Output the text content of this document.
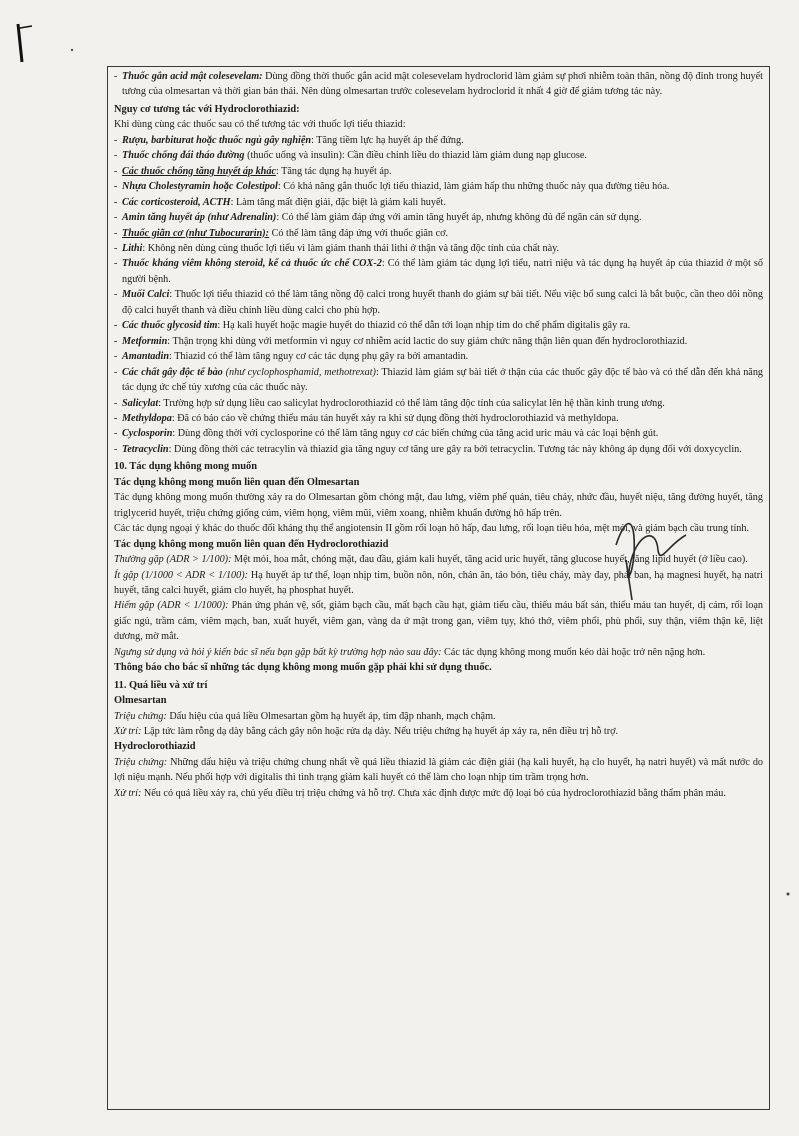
- Thuốc gắn acid mật colesevelam: Dùng đồng thời thuốc gắn acid mật colesevelam hydroclorid làm giảm sự phơi nhiễm toàn thân, nồng độ đỉnh trong huyết tương của olmesartan và thời gian bán thải. Nên dùng olmesartan trước colesevelam hydroclorid ít nhất 4 giờ để giảm tương tác này.

Nguy cơ tương tác với Hydroclorothiazid:

Khi dùng cùng các thuốc sau có thể tương tác với thuốc lợi tiểu thiazid:

- Rượu, barbiturat hoặc thuốc ngủ gây nghiện: Tăng tiềm lực hạ huyết áp thế đứng.
- Thuốc chống đái tháo đường (thuốc uống và insulin): Cần điều chỉnh liều do thiazid làm giảm dung nạp glucose.
- Các thuốc chống tăng huyết áp khác: Tăng tác dụng hạ huyết áp.
- Nhựa Cholestyramin hoặc Colestipol: Có khả năng gắn thuốc lợi tiểu thiazid, làm giảm hấp thu những thuốc này qua đường tiêu hóa.
- Các corticosteroid, ACTH: Làm tăng mất điện giải, đặc biệt là giảm kali huyết.
- Amin tăng huyết áp (như Adrenalin): Có thể làm giảm đáp ứng với amin tăng huyết áp, nhưng không đủ để ngăn cản sử dụng.
- Thuốc giãn cơ (như Tubocurarin): Có thể làm tăng đáp ứng với thuốc giãn cơ.
- Lithi: Không nên dùng cùng thuốc lợi tiểu vì làm giảm thanh thải lithi ở thận và tăng độc tính của chất này.
- Thuốc kháng viêm không steroid, kể cả thuốc ức chế COX-2: Có thể làm giảm tác dụng lợi tiểu, natri niệu và tác dụng hạ huyết áp của thiazid ở một số người bệnh.
- Muối Calci: Thuốc lợi tiểu thiazid có thể làm tăng nồng độ calci trong huyết thanh do giảm sự bài tiết. Nếu việc bổ sung calci là bắt buộc, cần theo dõi nồng độ calci huyết thanh và điều chỉnh liều dùng calci cho phù hợp.
- Các thuốc glycosid tim: Hạ kali huyết hoặc magie huyết do thiazid có thể dẫn tới loạn nhịp tim do chế phẩm digitalis gây ra.
- Metformin: Thận trọng khi dùng với metformin vì nguy cơ nhiễm acid lactic do suy giảm chức năng thận liên quan đến hydroclorothiazid.
- Amantadin: Thiazid có thể làm tăng nguy cơ các tác dụng phụ gây ra bởi amantadin.
- Các chất gây độc tế bào (như cyclophosphamid, methotrexat): Thiazid làm giảm sự bài tiết ở thận của các thuốc gây độc tế bào và có thể dẫn đến khả năng tác dụng ức chế tủy xương của các thuốc này.
- Salicylat: Trường hợp sử dụng liều cao salicylat hydroclorothiazid có thể làm tăng độc tính của salicylat lên hệ thần kinh trung ương.
- Methyldopa: Đã có báo cáo về chứng thiếu máu tán huyết xảy ra khi sử dụng đồng thời hydroclorothiazid và methyldopa.
- Cyclosporin: Dùng đồng thời với cyclosporine có thể làm tăng nguy cơ các biến chứng của tăng acid uric máu và các loại bệnh gút.
- Tetracyclin: Dùng đồng thời các tetracylin và thiazid gia tăng nguy cơ tăng ure gây ra bởi tetracyclin. Tương tác này không áp dụng đối với doxycyclin.

10. Tác dụng không mong muốn

Tác dụng không mong muốn liên quan đến Olmesartan

Tác dụng không mong muốn thường xảy ra do Olmesartan gồm chóng mặt, đau lưng, viêm phế quản, tiêu chảy, nhức đầu, huyết niệu, tăng đường huyết, tăng triglycerid huyết, triệu chứng giống cúm, viêm họng, viêm mũi, viêm xoang, nhiễm khuẩn đường hô hấp trên.

Các tác dụng ngoại ý khác do thuốc đối kháng thụ thể angiotensin II gồm rối loạn hô hấp, đau lưng, rối loạn tiêu hóa, mệt mỏi, và giảm bạch cầu trung tính.

Tác dụng không mong muốn liên quan đến Hydroclorothiazid

Thường gặp (ADR > 1/100): Mệt mỏi, hoa mắt, chóng mặt, đau đầu, giảm kali huyết, tăng acid uric huyết, tăng glucose huyết, tăng lipid huyết (ở liều cao).

Ít gặp (1/1000 < ADR < 1/100): Hạ huyết áp tư thế, loạn nhịp tim, buồn nôn, nôn, chán ăn, táo bón, tiêu chảy, mày đay, phát ban, hạ magnesi huyết, hạ natri huyết, tăng calci huyết, giảm clo huyết, hạ phosphat huyết.

Hiếm gặp (ADR < 1/1000): Phản ứng phản vệ, sốt, giảm bạch cầu, mất bạch cầu hạt, giảm tiểu cầu, thiếu máu bất sản, thiếu máu tan huyết, dị cảm, rối loạn giấc ngủ, trầm cảm, viêm mạch, ban, xuất huyết, viêm gan, vàng da ứ mật trong gan, viêm tụy, khó thở, viêm phổi, phù phổi, suy thận, viêm thận kẽ, liệt dương, mờ mắt.

Ngưng sử dụng và hỏi ý kiến bác sĩ nếu bạn gặp bất kỳ trường hợp nào sau đây: Các tác dụng không mong muốn kéo dài hoặc trở nên nặng hơn.

Thông báo cho bác sĩ những tác dụng không mong muốn gặp phải khi sử dụng thuốc.

11. Quá liều và xử trí

Olmesartan

Triệu chứng: Dấu hiệu của quá liều Olmesartan gồm hạ huyết áp, tim đập nhanh, mạch chậm.

Xử trí: Lập tức làm rỗng dạ dày bằng cách gây nôn hoặc rửa dạ dày. Nếu triệu chứng hạ huyết áp xảy ra, nên điều trị hỗ trợ.

Hydroclorothiazid

Triệu chứng: Những dấu hiệu và triệu chứng chung nhất về quá liều thiazid là giảm các điện giải (hạ kali huyết, hạ clo huyết, hạ natri huyết) và mất nước do lợi niệu mạnh. Nếu phối hợp với digitalis thì tình trạng giảm kali huyết có thể làm cho loạn nhịp tim trầm trọng hơn.

Xử trí: Nếu có quá liều xảy ra, chủ yếu điều trị triệu chứng và hỗ trợ. Chưa xác định được mức độ loại bỏ của hydroclorothiazid bằng thẩm phân máu.
